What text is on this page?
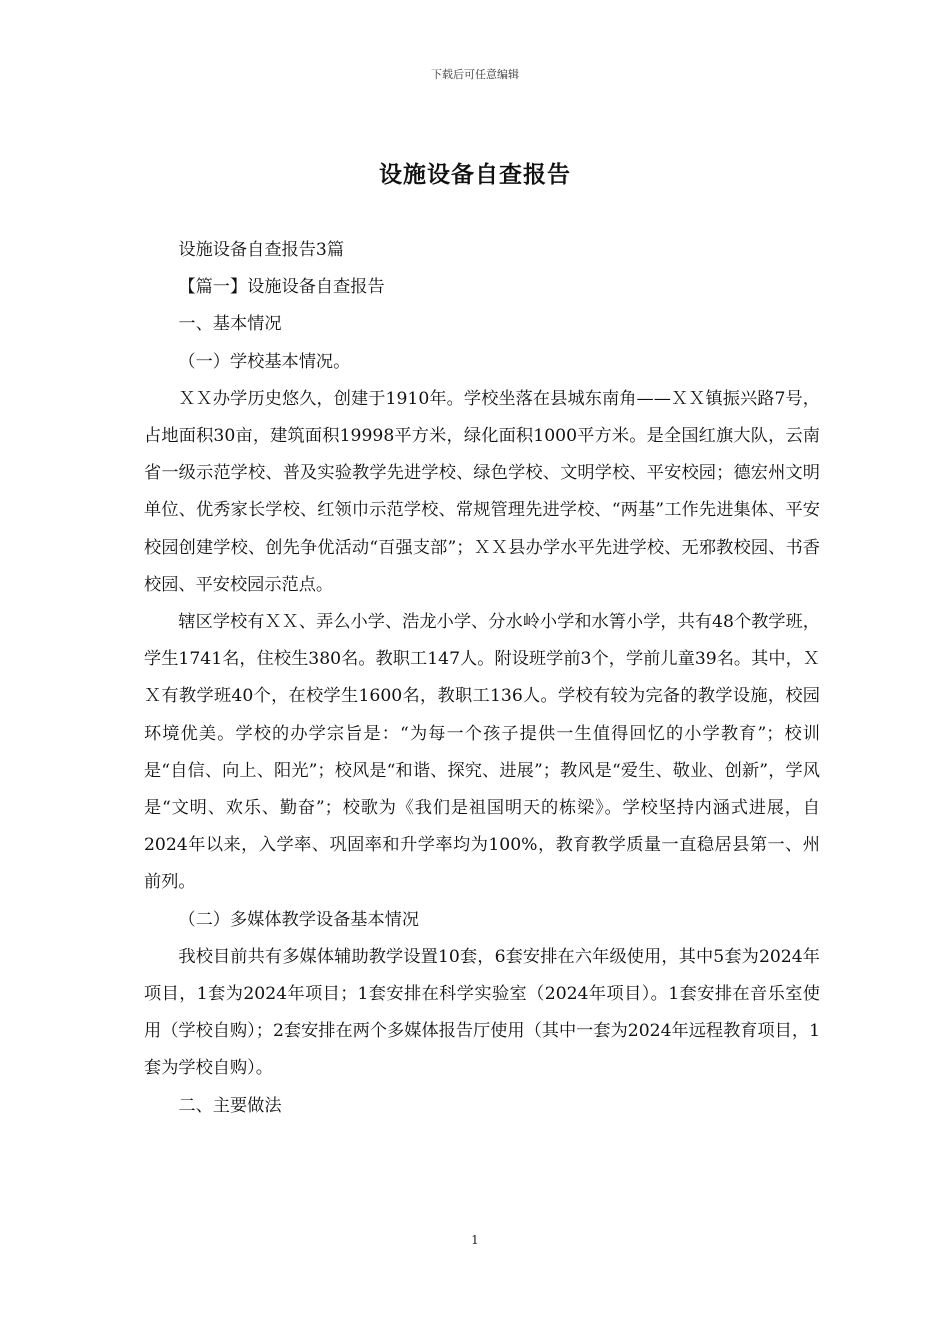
下载后可任意编辑
设施设备自查报告

设施设备自查报告3篇

【篇一】设施设备自查报告

一、基本情况

（一）学校基本情况。

ＸＸ办学历史悠久，创建于1910年。学校坐落在县城东南角——ＸＸ镇振兴路7号，占地面积30亩，建筑面积19998平方米，绿化面积1000平方米。是全国红旗大队，云南省一级示范学校、普及实验教学先进学校、绿色学校、文明学校、平安校园；德宏州文明单位、优秀家长学校、红领巾示范学校、常规管理先进学校、“两基”工作先进集体、平安校园创建学校、创先争优活动“百强支部”；ＸＸ县办学水平先进学校、无邪教校园、书香校园、平安校园示范点。

辖区学校有ＸＸ、弄么小学、浩龙小学、分水岭小学和水箐小学，共有48个教学班，学生1741名，住校生380名。教职工147人。附设班学前3个，学前儿童39名。其中，ＸＸ有教学班40个，在校学生1600名，教职工136人。学校有较为完备的教学设施，校园环境优美。学校的办学宗旨是：“为每一个孩子提供一生值得回忆的小学教育”；校训是“自信、向上、阳光”；校风是“和谐、探究、进展”；教风是“爱生、敬业、创新”，学风是“文明、欢乐、勤奋”；校歌为《我们是祖国明天的栋梁》。学校坚持内涵式进展，自2024年以来，入学率、巩固率和升学率均为100%，教育教学质量一直稳居县第一、州前列。

（二）多媒体教学设备基本情况

我校目前共有多媒体辅助教学设置10套，6套安排在六年级使用，其中5套为2024年项目，1套为2024年项目；1套安排在科学实验室（2024年项目）。1套安排在音乐室使用（学校自购）；2套安排在两个多媒体报告厅使用（其中一套为2024年远程教育项目，1套为学校自购）。

二、主要做法

1
